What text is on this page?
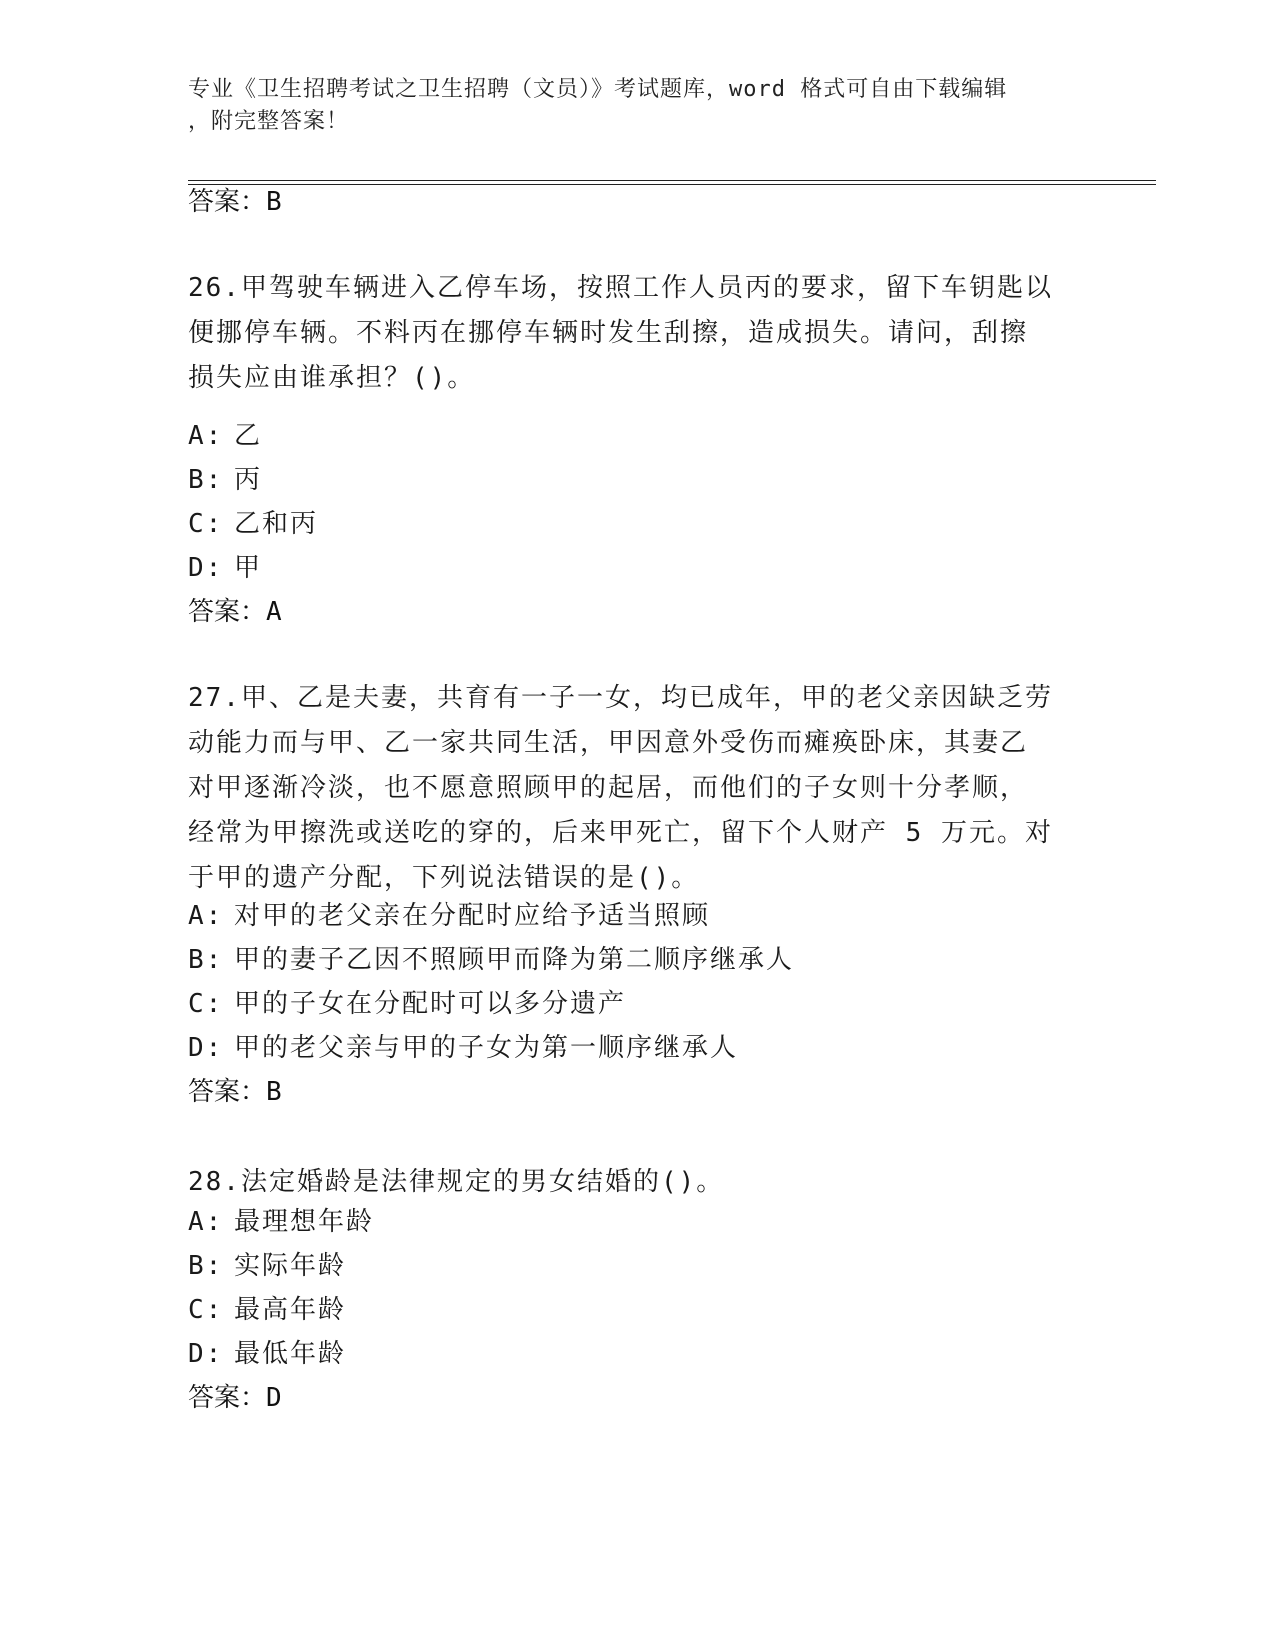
专业《卫生招聘考试之卫生招聘（文员）》考试题库，word 格式可自由下载编辑
，附完整答案！
答案：B
26.甲驾驶车辆进入乙停车场，按照工作人员丙的要求，留下车钥匙以
便挪停车辆。不料丙在挪停车辆时发生刮擦，造成损失。请问，刮擦
损失应由谁承担？()。
A: 乙
B: 丙
C: 乙和丙
D: 甲
答案：A
27.甲、乙是夫妻，共育有一子一女，均已成年，甲的老父亲因缺乏劳
动能力而与甲、乙一家共同生活，甲因意外受伤而瘫痪卧床，其妻乙
对甲逐渐冷淡，也不愿意照顾甲的起居，而他们的子女则十分孝顺，
经常为甲擦洗或送吃的穿的，后来甲死亡，留下个人财产 5 万元。对
于甲的遗产分配，下列说法错误的是()。
A: 对甲的老父亲在分配时应给予适当照顾
B: 甲的妻子乙因不照顾甲而降为第二顺序继承人
C: 甲的子女在分配时可以多分遗产
D: 甲的老父亲与甲的子女为第一顺序继承人
答案：B
28.法定婚龄是法律规定的男女结婚的()。
A: 最理想年龄
B: 实际年龄
C: 最高年龄
D: 最低年龄
答案：D
